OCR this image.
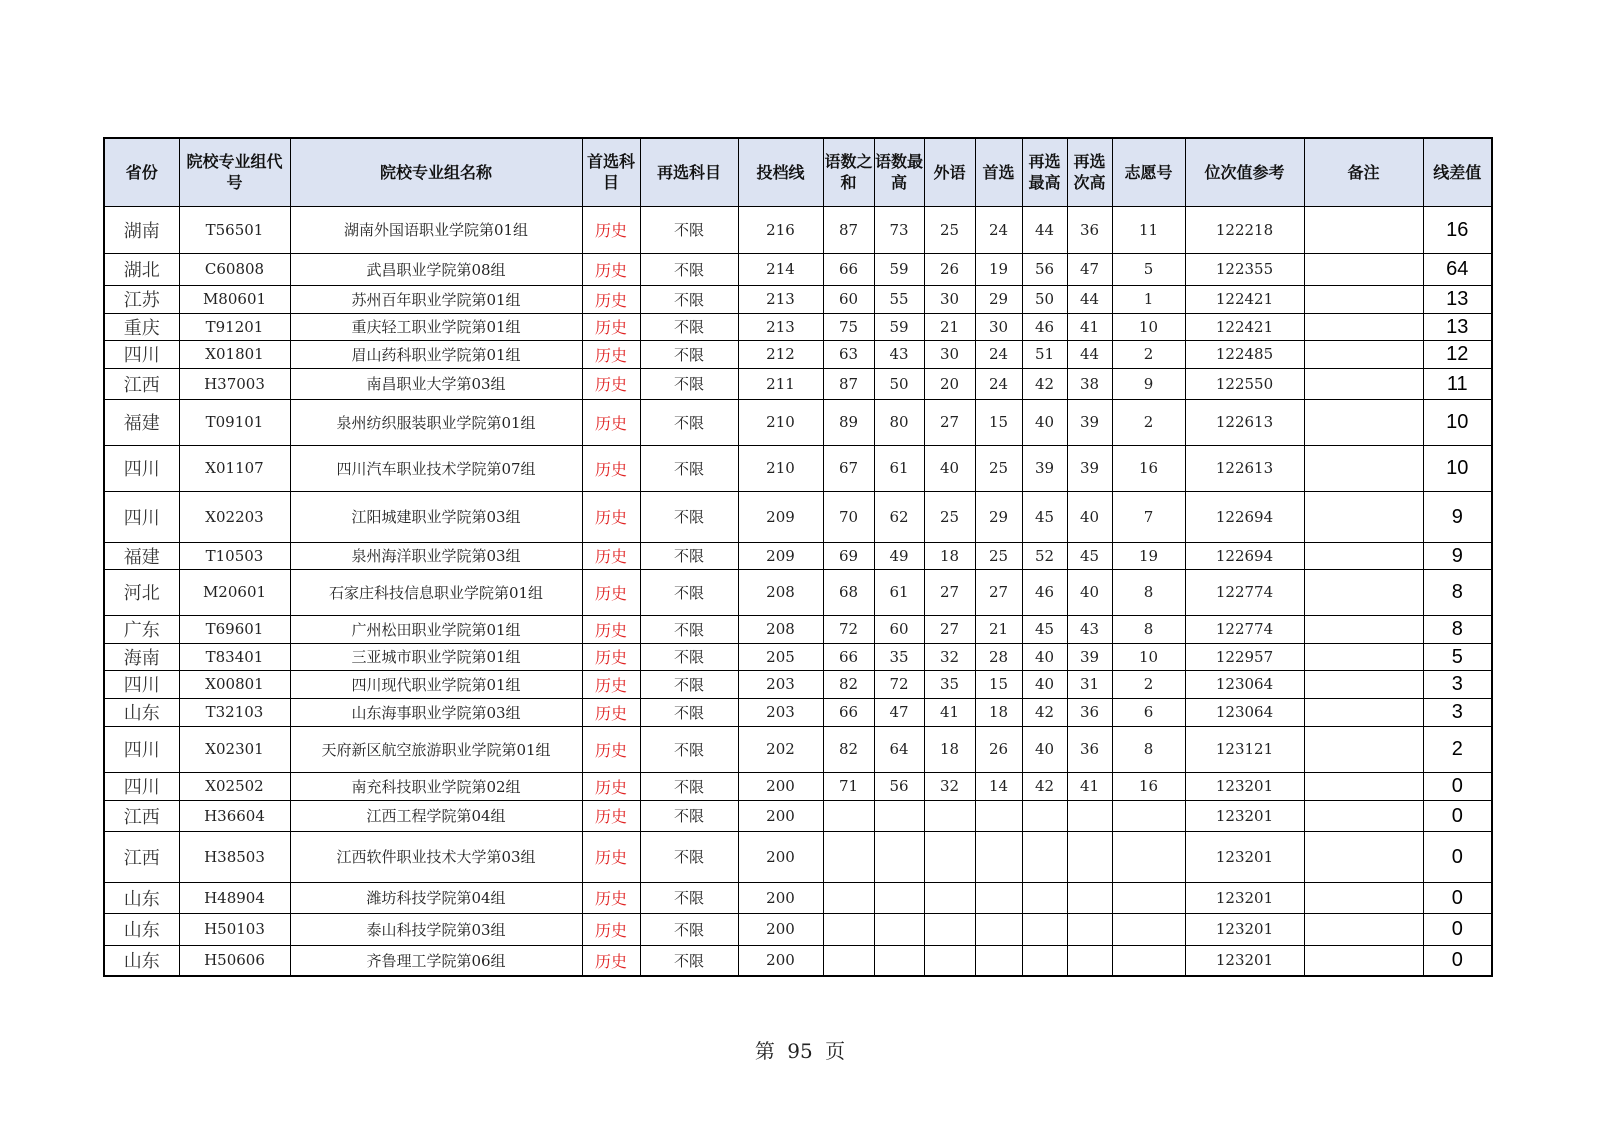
省份	院校专业组代号	院校专业组名称	首选科目	再选科目	投档线	语数之和	语数最高	外语	首选	再选最高	再选次高	志愿号	位次值参考	备注	线差值
湖南	T56501	湖南外国语职业学院第01组	历史	不限	216	87	73	25	24	44	36	11	122218		16
湖北	C60808	武昌职业学院第08组	历史	不限	214	66	59	26	19	56	47	5	122355		64
江苏	M80601	苏州百年职业学院第01组	历史	不限	213	60	55	30	29	50	44	1	122421		13
重庆	T91201	重庆轻工职业学院第01组	历史	不限	213	75	59	21	30	46	41	10	122421		13
四川	X01801	眉山药科职业学院第01组	历史	不限	212	63	43	30	24	51	44	2	122485		12
江西	H37003	南昌职业大学第03组	历史	不限	211	87	50	20	24	42	38	9	122550		11
福建	T09101	泉州纺织服装职业学院第01组	历史	不限	210	89	80	27	15	40	39	2	122613		10
四川	X01107	四川汽车职业技术学院第07组	历史	不限	210	67	61	40	25	39	39	16	122613		10
四川	X02203	江阳城建职业学院第03组	历史	不限	209	70	62	25	29	45	40	7	122694		9
福建	T10503	泉州海洋职业学院第03组	历史	不限	209	69	49	18	25	52	45	19	122694		9
河北	M20601	石家庄科技信息职业学院第01组	历史	不限	208	68	61	27	27	46	40	8	122774		8
广东	T69601	广州松田职业学院第01组	历史	不限	208	72	60	27	21	45	43	8	122774		8
海南	T83401	三亚城市职业学院第01组	历史	不限	205	66	35	32	28	40	39	10	122957		5
四川	X00801	四川现代职业学院第01组	历史	不限	203	82	72	35	15	40	31	2	123064		3
山东	T32103	山东海事职业学院第03组	历史	不限	203	66	47	41	18	42	36	6	123064		3
四川	X02301	天府新区航空旅游职业学院第01组	历史	不限	202	82	64	18	26	40	36	8	123121		2
四川	X02502	南充科技职业学院第02组	历史	不限	200	71	56	32	14	42	41	16	123201		0
江西	H36604	江西工程学院第04组	历史	不限	200								123201		0
江西	H38503	江西软件职业技术大学第03组	历史	不限	200								123201		0
山东	H48904	潍坊科技学院第04组	历史	不限	200								123201		0
山东	H50103	泰山科技学院第03组	历史	不限	200								123201		0
山东	H50606	齐鲁理工学院第06组	历史	不限	200								123201		0
第 95 页
